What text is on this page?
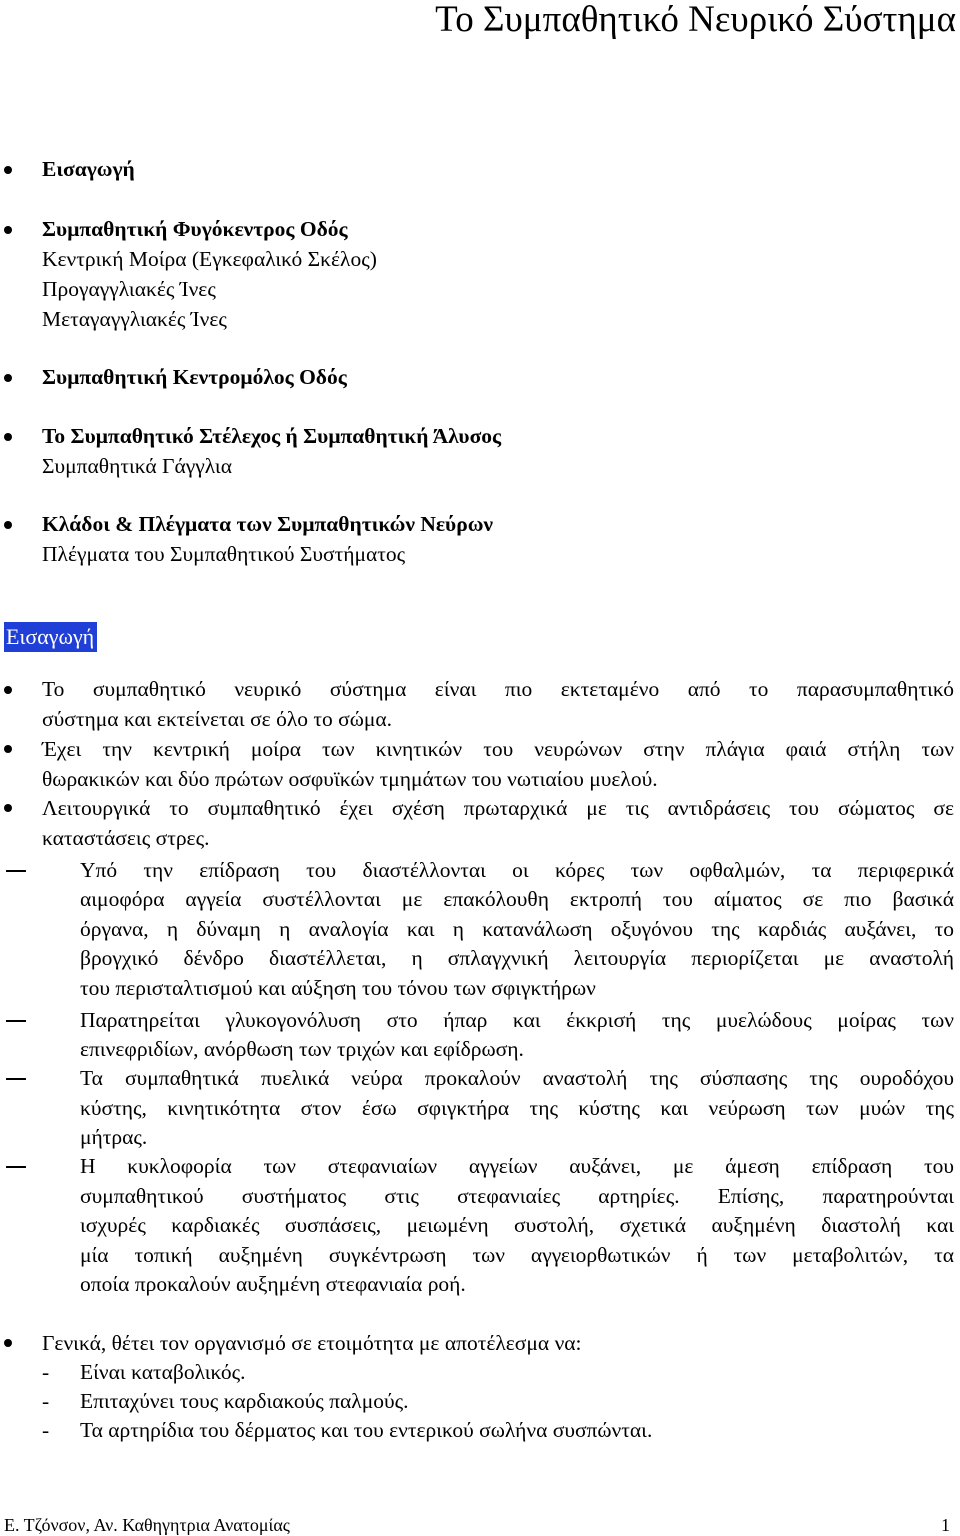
Το Συμπαθητικό Νευρικό Σύστημα
Εισαγωγή
Συμπαθητική Φυγόκεντρος Οδός
Κεντρική Μοίρα (Εγκεφαλικό Σκέλος)
Προγαγγλιακές Ίνες
Μεταγαγγλιακές Ίνες
Συμπαθητική Κεντρομόλος Οδός
Το Συμπαθητικό Στέλεχος ή Συμπαθητική Άλυσος
Συμπαθητικά Γάγγλια
Κλάδοι & Πλέγματα των Συμπαθητικών Νεύρων
Πλέγματα του Συμπαθητικού Συστήματος
Εισαγωγή
Το συμπαθητικό νευρικό σύστημα είναι πιο εκτεταμένο από το παρασυμπαθητικό
σύστημα και εκτείνεται σε όλο το σώμα.
Έχει την κεντρική μοίρα των κινητικών του νευρώνων στην πλάγια φαιά στήλη των
θωρακικών και δύο πρώτων οσφυϊκών τμημάτων του νωτιαίου μυελού.
Λειτουργικά το συμπαθητικό έχει σχέση πρωταρχικά με τις αντιδράσεις του σώματος σε
καταστάσεις στρες.
Υπό την επίδραση του διαστέλλονται οι κόρες των οφθαλμών, τα περιφερικά
αιμοφόρα αγγεία συστέλλονται με επακόλουθη εκτροπή του αίματος σε πιο βασικά
όργανα, η δύναμη η αναλογία και η κατανάλωση οξυγόνου της καρδιάς αυξάνει, το
βρογχικό δένδρο διαστέλλεται, η σπλαγχνική λειτουργία περιορίζεται με αναστολή
του περισταλτισμού και αύξηση του τόνου των σφιγκτήρων
Παρατηρείται γλυκογονόλυση στο ήπαρ και έκκρισή της μυελώδους μοίρας των
επινεφριδίων, ανόρθωση των τριχών και εφίδρωση.
Τα συμπαθητικά πυελικά νεύρα προκαλούν αναστολή της σύσπασης της ουροδόχου
κύστης, κινητικότητα στον έσω σφιγκτήρα της κύστης και νεύρωση των μυών της
μήτρας.
Η κυκλοφορία των στεφανιαίων αγγείων αυξάνει, με άμεση επίδραση του
συμπαθητικού συστήματος στις στεφανιαίες αρτηρίες. Επίσης, παρατηρούνται
ισχυρές καρδιακές συσπάσεις, μειωμένη συστολή, σχετικά αυξημένη διαστολή και
μία τοπική αυξημένη συγκέντρωση των αγγειορθωτικών ή των μεταβολιτών, τα
οποία προκαλούν αυξημένη στεφανιαία ροή.
Γενικά, θέτει τον οργανισμό σε ετοιμότητα με αποτέλεσμα να:
- Είναι καταβολικός.
- Επιταχύνει τους καρδιακούς παλμούς.
- Τα αρτηρίδια του δέρματος και του εντερικού σωλήνα συσπώνται.
Ε. Τζόνσον, Αν. Καθηγητρια Ανατομίας	1
